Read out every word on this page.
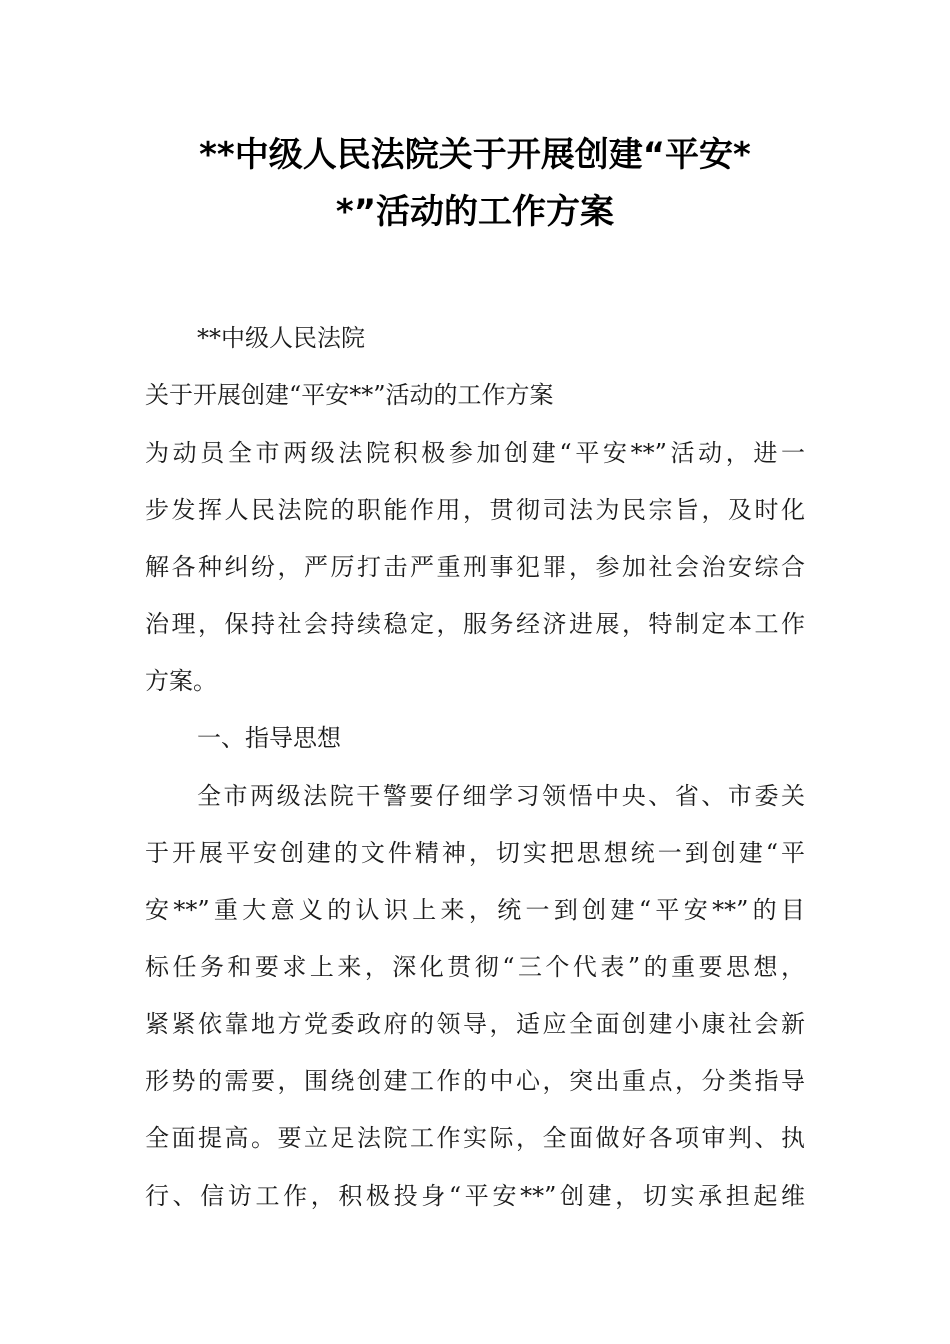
**中级人民法院关于开展创建“平安*
*”活动的工作方案
**中级人民法院
关于开展创建“平安**”活动的工作方案
为动员全市两级法院积极参加创建“平安**”活动，进一
步发挥人民法院的职能作用，贯彻司法为民宗旨，及时化
解各种纠纷，严厉打击严重刑事犯罪，参加社会治安综合
治理，保持社会持续稳定，服务经济进展，特制定本工作
方案。
一、指导思想
全市两级法院干警要仔细学习领悟中央、省、市委关
于开展平安创建的文件精神，切实把思想统一到创建“平
安**”重大意义的认识上来，统一到创建“平安**”的目
标任务和要求上来，深化贯彻“三个代表”的重要思想，
紧紧依靠地方党委政府的领导，适应全面创建小康社会新
形势的需要，围绕创建工作的中心，突出重点，分类指导
全面提高。要立足法院工作实际，全面做好各项审判、执
行、信访工作，积极投身“平安**”创建，切实承担起维
